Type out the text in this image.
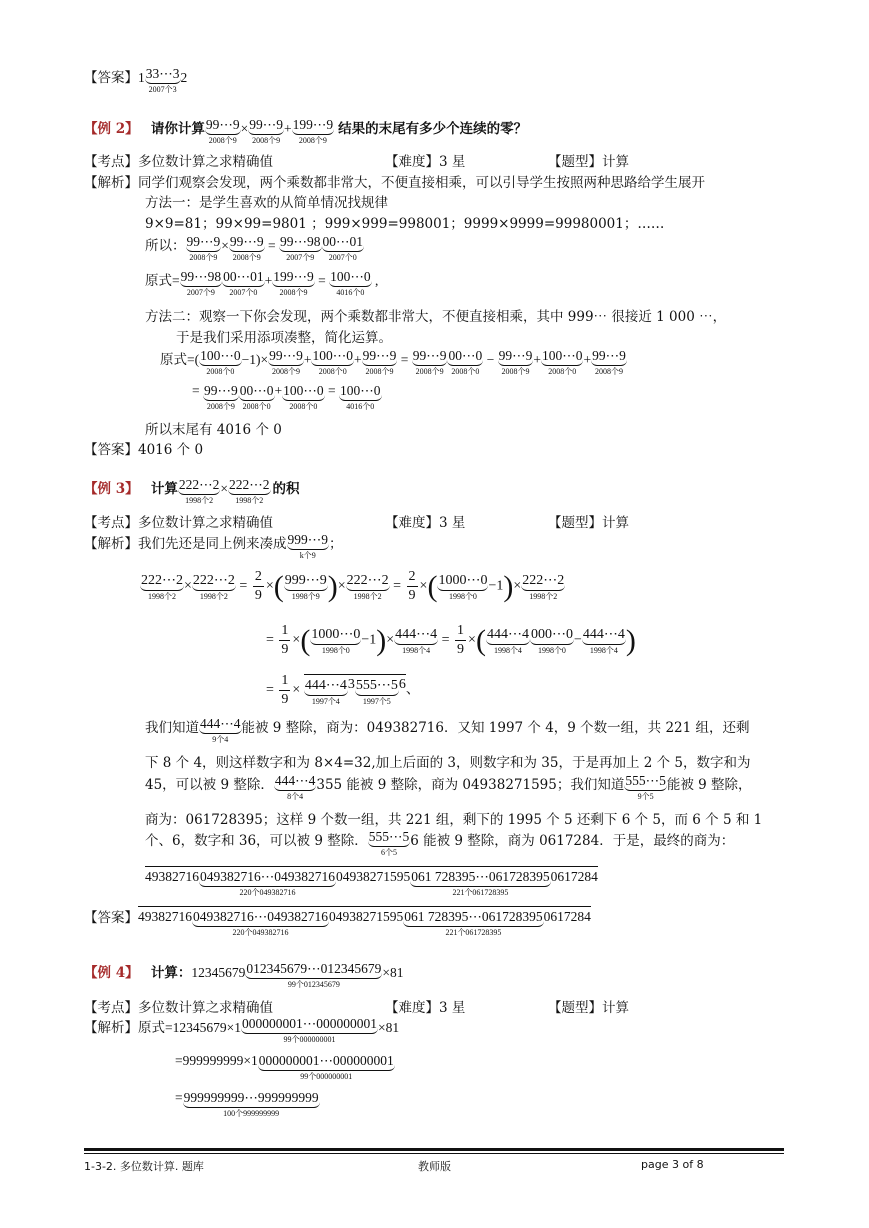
【答案】1 33⋯3
2007个3
2
【例 2】 请你计算 99⋯9
2008个9
× 99⋯9
2008个9
+ 199⋯9
2008个9
结果的末尾有多少个连续的零？
【考点】多位数计算之求精确值	【难度】3 星	【题型】计算
【解析】同学们观察会发现，两个乘数都非常大，不便直接相乘，可以引导学生按照两种思路给学生展开
方法一：是学生喜欢的从简单情况找规律
9×9=81；99×99=9801 ；999×999=998001；9999×9999=99980001；……
所以： 99⋯9
2008个9
× 99⋯9
2008个9
= 99⋯98
2007个9
00⋯01
2007个0
原式= 99⋯98
2007个9
00⋯01
2007个0
+ 199⋯9
2008个9
= 100⋯0
4016个0
,
方法二：观察一下你会发现，两个乘数都非常大，不便直接相乘，其中 999⋯ 很接近 1 000 ⋯，
于是我们采用添项凑整，简化运算。
原式=( 100⋯0
2008个0
−1)× 99⋯9
2008个9
+ 100⋯0
2008个0
+ 99⋯9
2008个9
= 99⋯9
2008个9
00⋯0
2008个0
− 99⋯9
2008个9
+ 100⋯0
2008个0
+ 99⋯9
2008个9
= 99⋯9
2008个9
00⋯0
2008个0
+ 100⋯0
2008个0
= 100⋯0
4016个0
所以末尾有 4016 个 0
【答案】4016 个 0
【例 3】 计算 222⋯2
1998个2
× 222⋯2
1998个2
的积
【考点】多位数计算之求精确值	【难度】3 星	【题型】计算
【解析】我们先还是同上例来凑成 999⋯9
k个9
；
222⋯2
1998个2
× 222⋯2
1998个2
= $\frac{2}{9}$ ×( 999⋯9
1998个9 )× 222⋯2
1998个2
= $\frac{2}{9}$ ×( 1000⋯0
1998个0
−1)× 222⋯2
1998个2
= $\frac{1}{9}$ ×( 1000⋯0
1998个0
−1)× 444⋯4
1998个4
= $\frac{1}{9}$ ×( 444⋯4
1998个4
000⋯0
1998个0
− 444⋯4
1998个4 )
= $\frac{1}{9}$ × 444⋯4
1997个4
3 555⋯5
1997个5
6、
我们知道 444⋯4
9个4
能被 9 整除，商为：049382716．又知 1997 个 4，9 个数一组，共 221 组，还剩
下 8 个 4，则这样数字和为 8×4=32,加上后面的 3，则数字和为 35，于是再加上 2 个 5，数字和为
45，可以被 9 整除． 444⋯4
8个4
355 能被 9 整除，商为 04938271595；我们知道 555⋯5
9个5
能被 9 整除，
商为：061728395；这样 9 个数一组，共 221 组，剩下的 1995 个 5 还剩下 6 个 5，而 6 个 5 和 1
个、6，数字和 36，可以被 9 整除． 555⋯5
6个5
6 能被 9 整除，商为 0617284．于是，最终的商为：
49382716 049382716⋯049382716
220个049382716
04938271595 061 728395⋯061728395
221个061728395
0617284
【答案】49382716 049382716⋯049382716
220个049382716
04938271595 061 728395⋯061728395
221个061728395
0617284
【例 4】 计算：12345679 012345679⋯012345679
99个012345679
×81
【考点】多位数计算之求精确值	【难度】3 星	【题型】计算
【解析】原式=12345679×1 000000001⋯000000001
99个000000001
×81
=999999999×1 000000001⋯000000001
99个000000001
= 999999999⋯999999999
100个999999999
1-3-2. 多位数计算. 题库	教师版	page 3 of 8
